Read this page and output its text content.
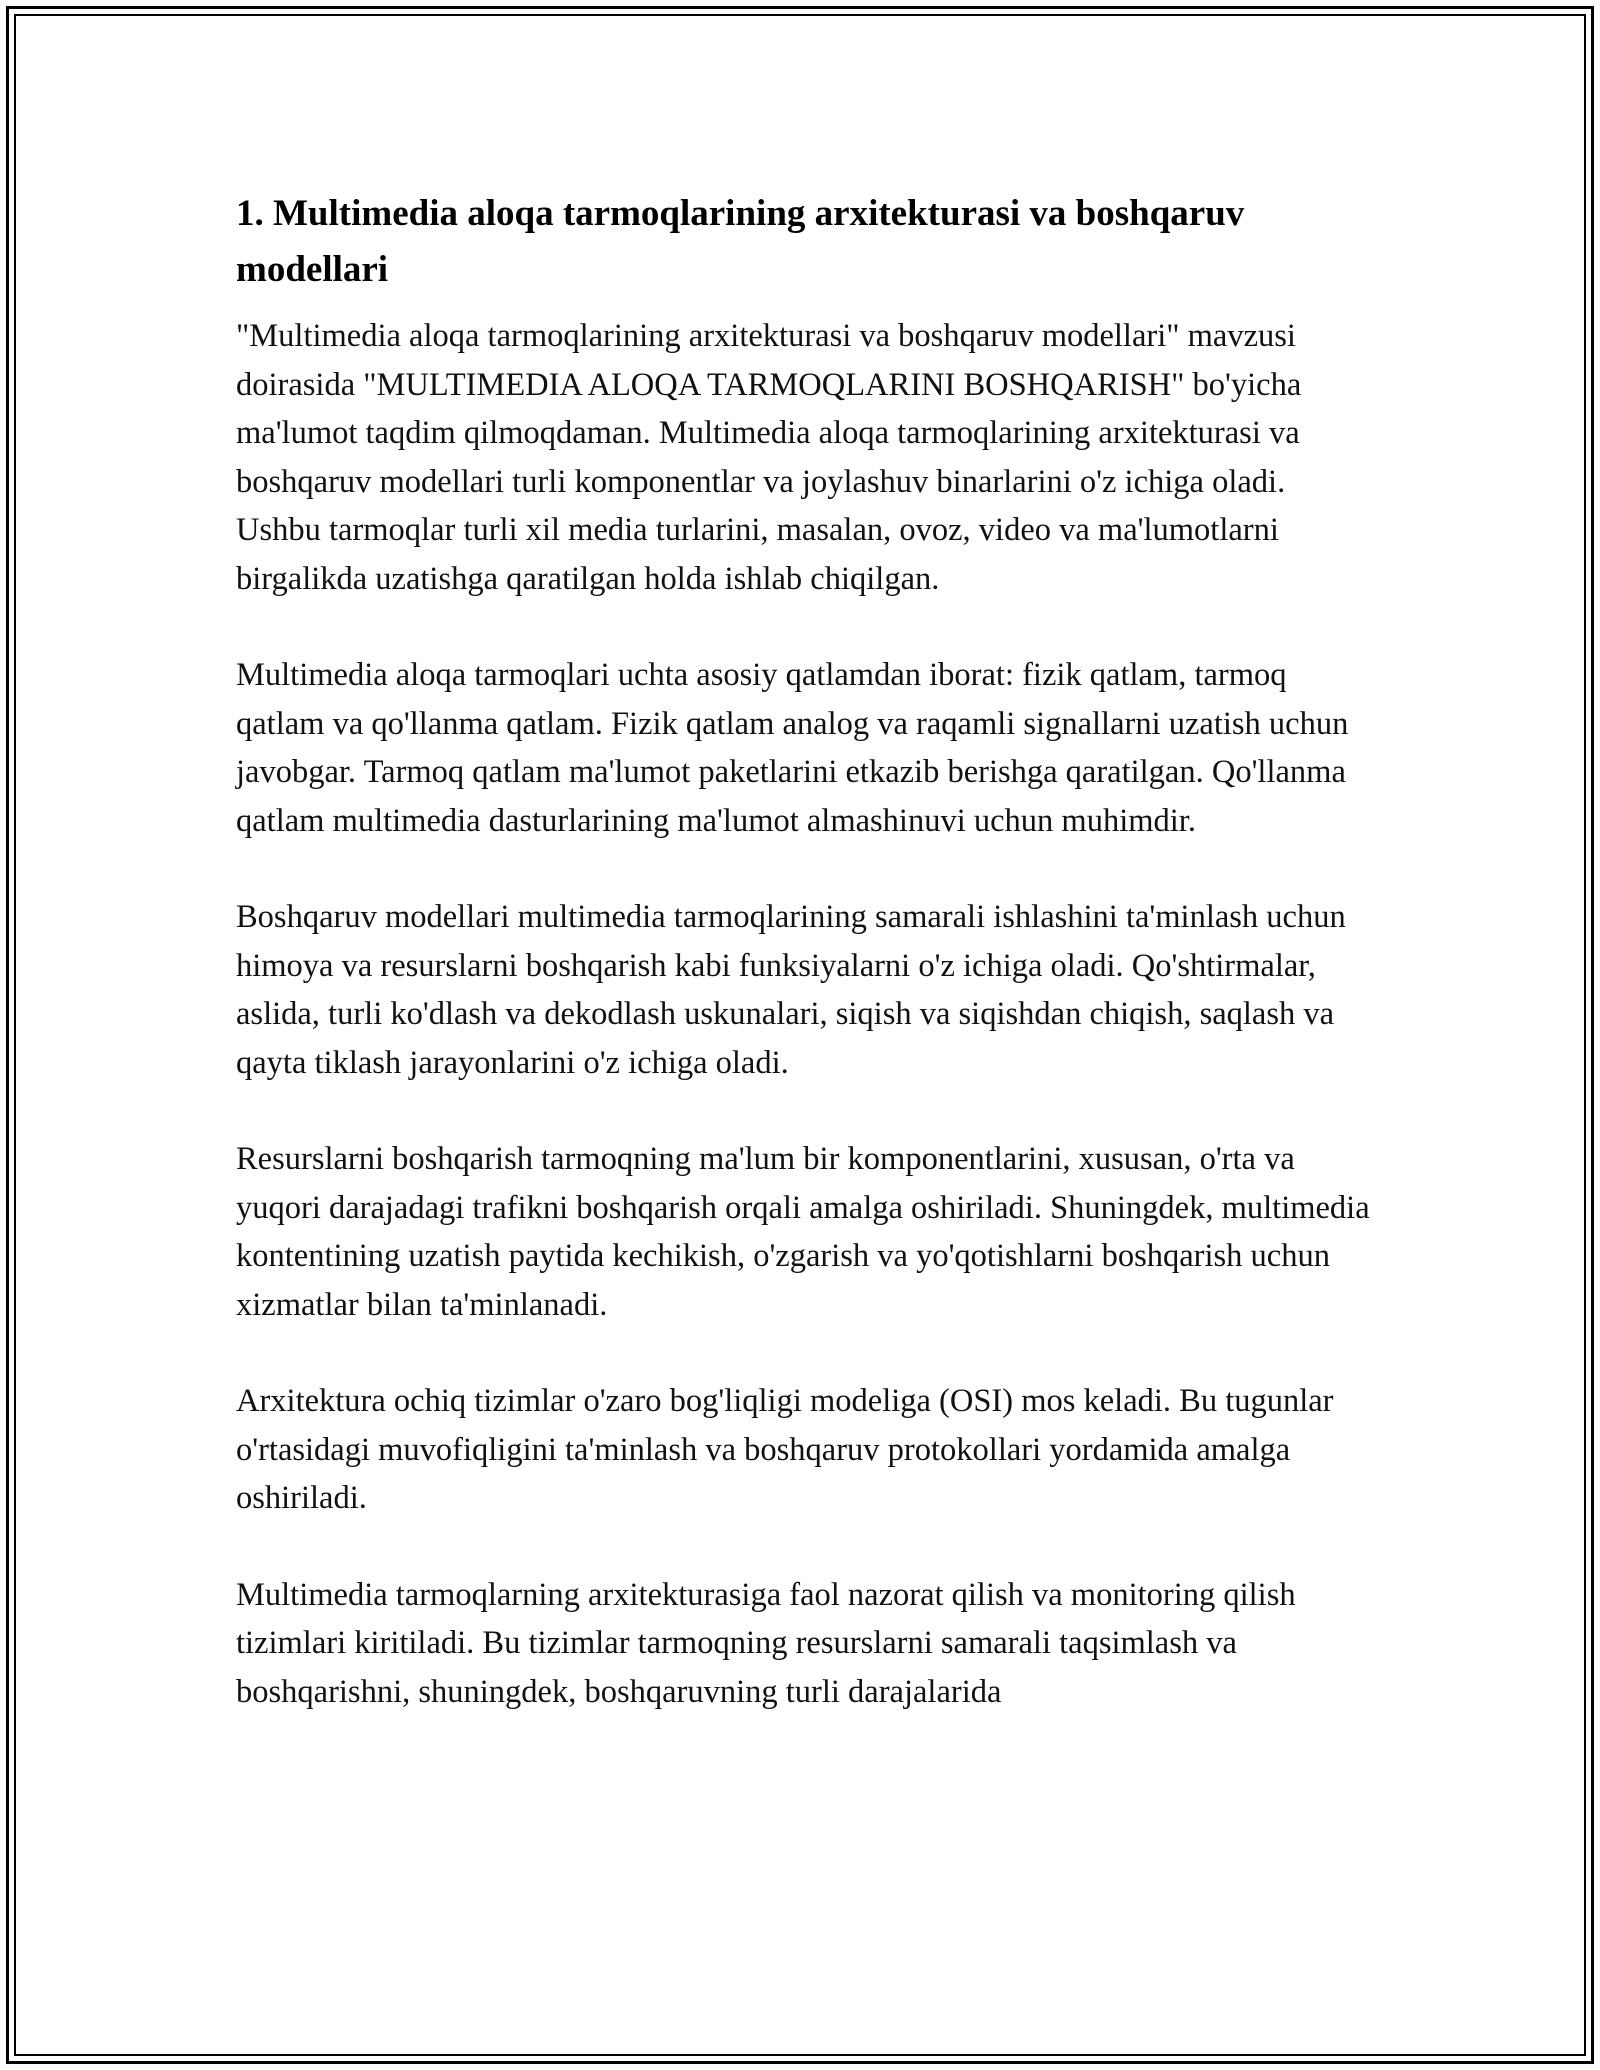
1. Multimedia aloqa tarmoqlarining arxitekturasi va boshqaruv modellari

"Multimedia aloqa tarmoqlarining arxitekturasi va boshqaruv modellari" mavzusi doirasida "MULTIMEDIA ALOQA TARMOQLARINI BOSHQARISH" bo'yicha ma'lumot taqdim qilmoqdaman. Multimedia aloqa tarmoqlarining arxitekturasi va boshqaruv modellari turli komponentlar va joylashuv binarlarini o'z ichiga oladi. Ushbu tarmoqlar turli xil media turlarini, masalan, ovoz, video va ma'lumotlarni birgalikda uzatishga qaratilgan holda ishlab chiqilgan.

Multimedia aloqa tarmoqlari uchta asosiy qatlamdan iborat: fizik qatlam, tarmoq qatlam va qo'llanma qatlam. Fizik qatlam analog va raqamli signallarni uzatish uchun javobgar. Tarmoq qatlam ma'lumot paketlarini etkazib berishga qaratilgan. Qo'llanma qatlam multimedia dasturlarining ma'lumot almashinuvi uchun muhimdir.

Boshqaruv modellari multimedia tarmoqlarining samarali ishlashini ta'minlash uchun himoya va resurslarni boshqarish kabi funksiyalarni o'z ichiga oladi. Qo'shtirmalar, aslida, turli ko'dlash va dekodlash uskunalari, siqish va siqishdan chiqish, saqlash va qayta tiklash jarayonlarini o'z ichiga oladi.

Resurslarni boshqarish tarmoqning ma'lum bir komponentlarini, xususan, o'rta va yuqori darajadagi trafikni boshqarish orqali amalga oshiriladi. Shuningdek, multimedia kontentining uzatish paytida kechikish, o'zgarish va yo'qotishlarni boshqarish uchun xizmatlar bilan ta'minlanadi.

Arxitektura ochiq tizimlar o'zaro bog'liqligi modeliga (OSI) mos keladi. Bu tugunlar o'rtasidagi muvofiqligini ta'minlash va boshqaruv protokollari yordamida amalga oshiriladi.

Multimedia tarmoqlarning arxitekturasiga faol nazorat qilish va monitoring qilish tizimlari kiritiladi. Bu tizimlar tarmoqning resurslarni samarali taqsimlash va boshqarishni, shuningdek, boshqaruvning turli darajalarida
